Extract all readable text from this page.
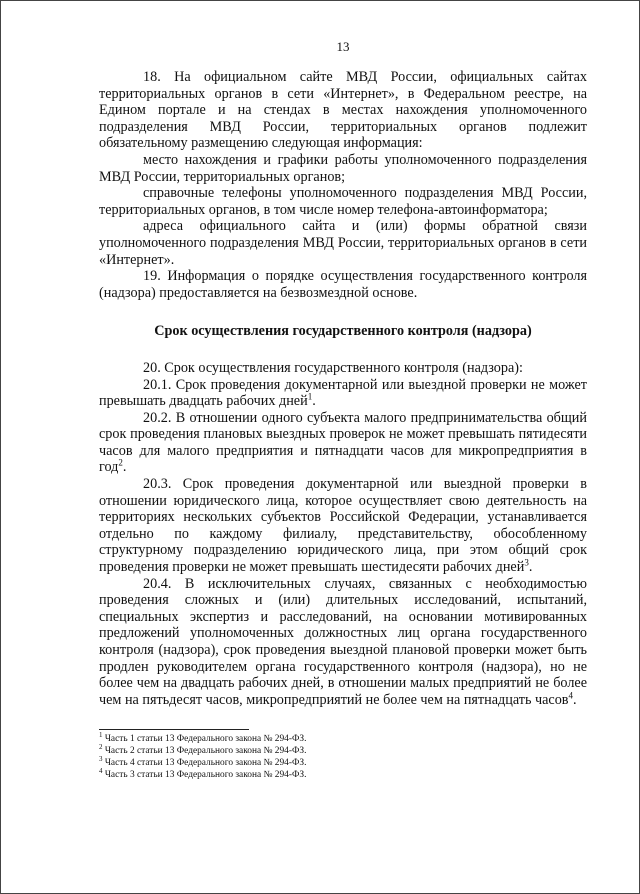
13

18. На официальном сайте МВД России, официальных сайтах территориальных органов в сети «Интернет», в Федеральном реестре, на Едином портале и на стендах в местах нахождения уполномоченного подразделения МВД России, территориальных органов подлежит обязательному размещению следующая информация:

место нахождения и графики работы уполномоченного подразделения МВД России, территориальных органов;

справочные телефоны уполномоченного подразделения МВД России, территориальных органов, в том числе номер телефона-автоинформатора;

адреса официального сайта и (или) формы обратной связи уполномоченного подразделения МВД России, территориальных органов в сети «Интернет».

19. Информация о порядке осуществления государственного контроля (надзора) предоставляется на безвозмездной основе.

Срок осуществления государственного контроля (надзора)

20. Срок осуществления государственного контроля (надзора):

20.1. Срок проведения документарной или выездной проверки не может превышать двадцать рабочих дней$^1$.

20.2. В отношении одного субъекта малого предпринимательства общий срок проведения плановых выездных проверок не может превышать пятидесяти часов для малого предприятия и пятнадцати часов для микропредприятия в год$^2$.

20.3. Срок проведения документарной или выездной проверки в отношении юридического лица, которое осуществляет свою деятельность на территориях нескольких субъектов Российской Федерации, устанавливается отдельно по каждому филиалу, представительству, обособленному структурному подразделению юридического лица, при этом общий срок проведения проверки не может превышать шестидесяти рабочих дней$^3$.

20.4. В исключительных случаях, связанных с необходимостью проведения сложных и (или) длительных исследований, испытаний, специальных экспертиз и расследований, на основании мотивированных предложений уполномоченных должностных лиц органа государственного контроля (надзора), срок проведения выездной плановой проверки может быть продлен руководителем органа государственного контроля (надзора), но не более чем на двадцать рабочих дней, в отношении малых предприятий не более чем на пятьдесят часов, микропредприятий не более чем на пятнадцать часов$^4$.

$^1$ Часть 1 статьи 13 Федерального закона № 294-ФЗ.
$^2$ Часть 2 статьи 13 Федерального закона № 294-ФЗ.
$^3$ Часть 4 статьи 13 Федерального закона № 294-ФЗ.
$^4$ Часть 3 статьи 13 Федерального закона № 294-ФЗ.
